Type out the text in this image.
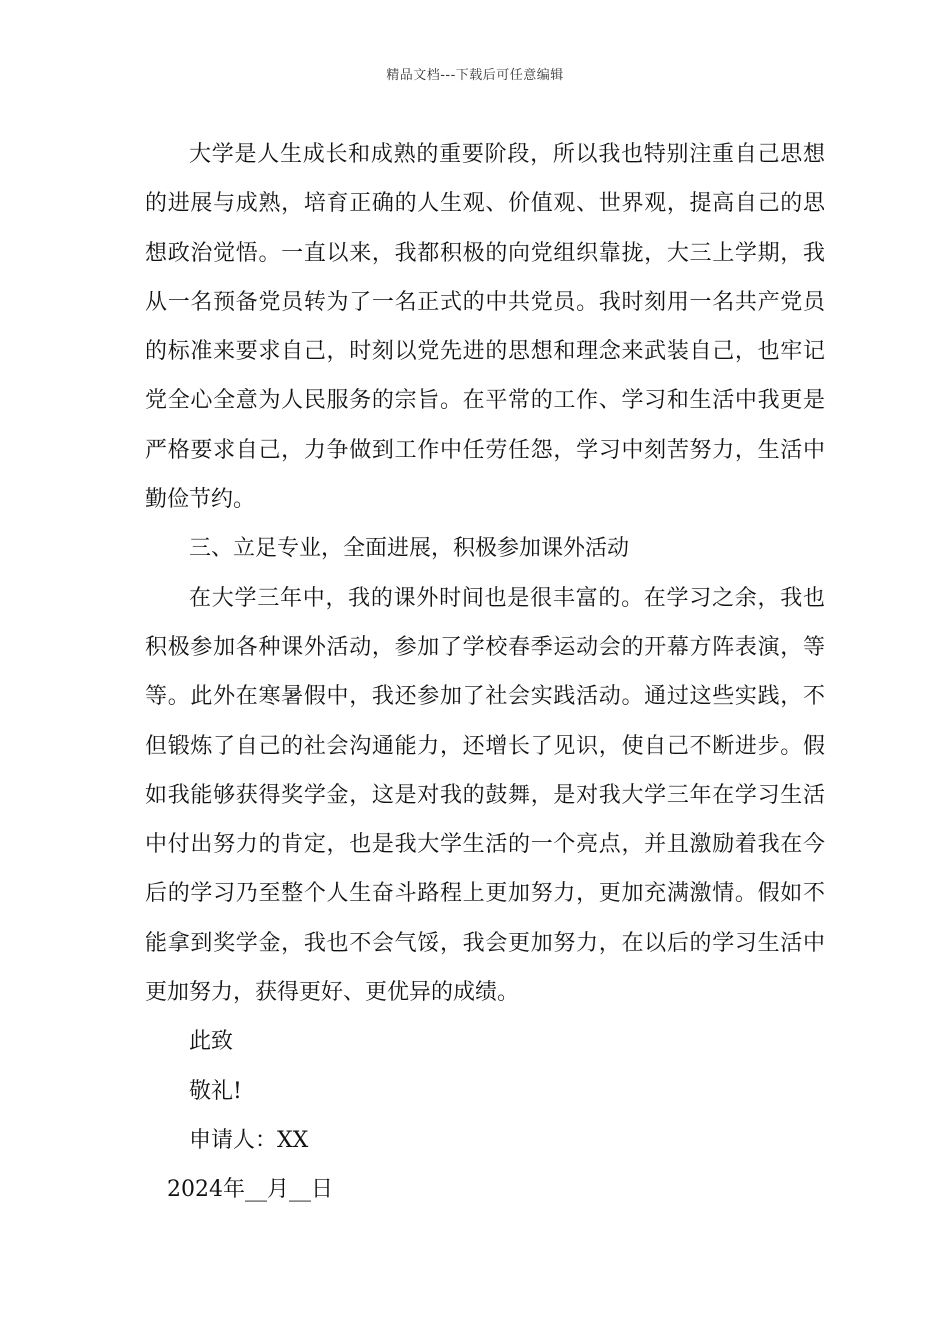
精品文档---下载后可任意编辑

大学是人生成长和成熟的重要阶段，所以我也特别注重自己思想的进展与成熟，培育正确的人生观、价值观、世界观，提高自己的思想政治觉悟。一直以来，我都积极的向党组织靠拢，大三上学期，我从一名预备党员转为了一名正式的中共党员。我时刻用一名共产党员的标准来要求自己，时刻以党先进的思想和理念来武装自己，也牢记党全心全意为人民服务的宗旨。在平常的工作、学习和生活中我更是严格要求自己，力争做到工作中任劳任怨，学习中刻苦努力，生活中勤俭节约。

三、立足专业，全面进展，积极参加课外活动

在大学三年中，我的课外时间也是很丰富的。在学习之余，我也积极参加各种课外活动，参加了学校春季运动会的开幕方阵表演，等等。此外在寒暑假中，我还参加了社会实践活动。通过这些实践，不但锻炼了自己的社会沟通能力，还增长了见识，使自己不断进步。假如我能够获得奖学金，这是对我的鼓舞，是对我大学三年在学习生活中付出努力的肯定，也是我大学生活的一个亮点，并且激励着我在今后的学习乃至整个人生奋斗路程上更加努力，更加充满激情。假如不能拿到奖学金，我也不会气馁，我会更加努力，在以后的学习生活中更加努力，获得更好、更优异的成绩。

此致

敬礼!

申请人：XX

2024年__月__日
